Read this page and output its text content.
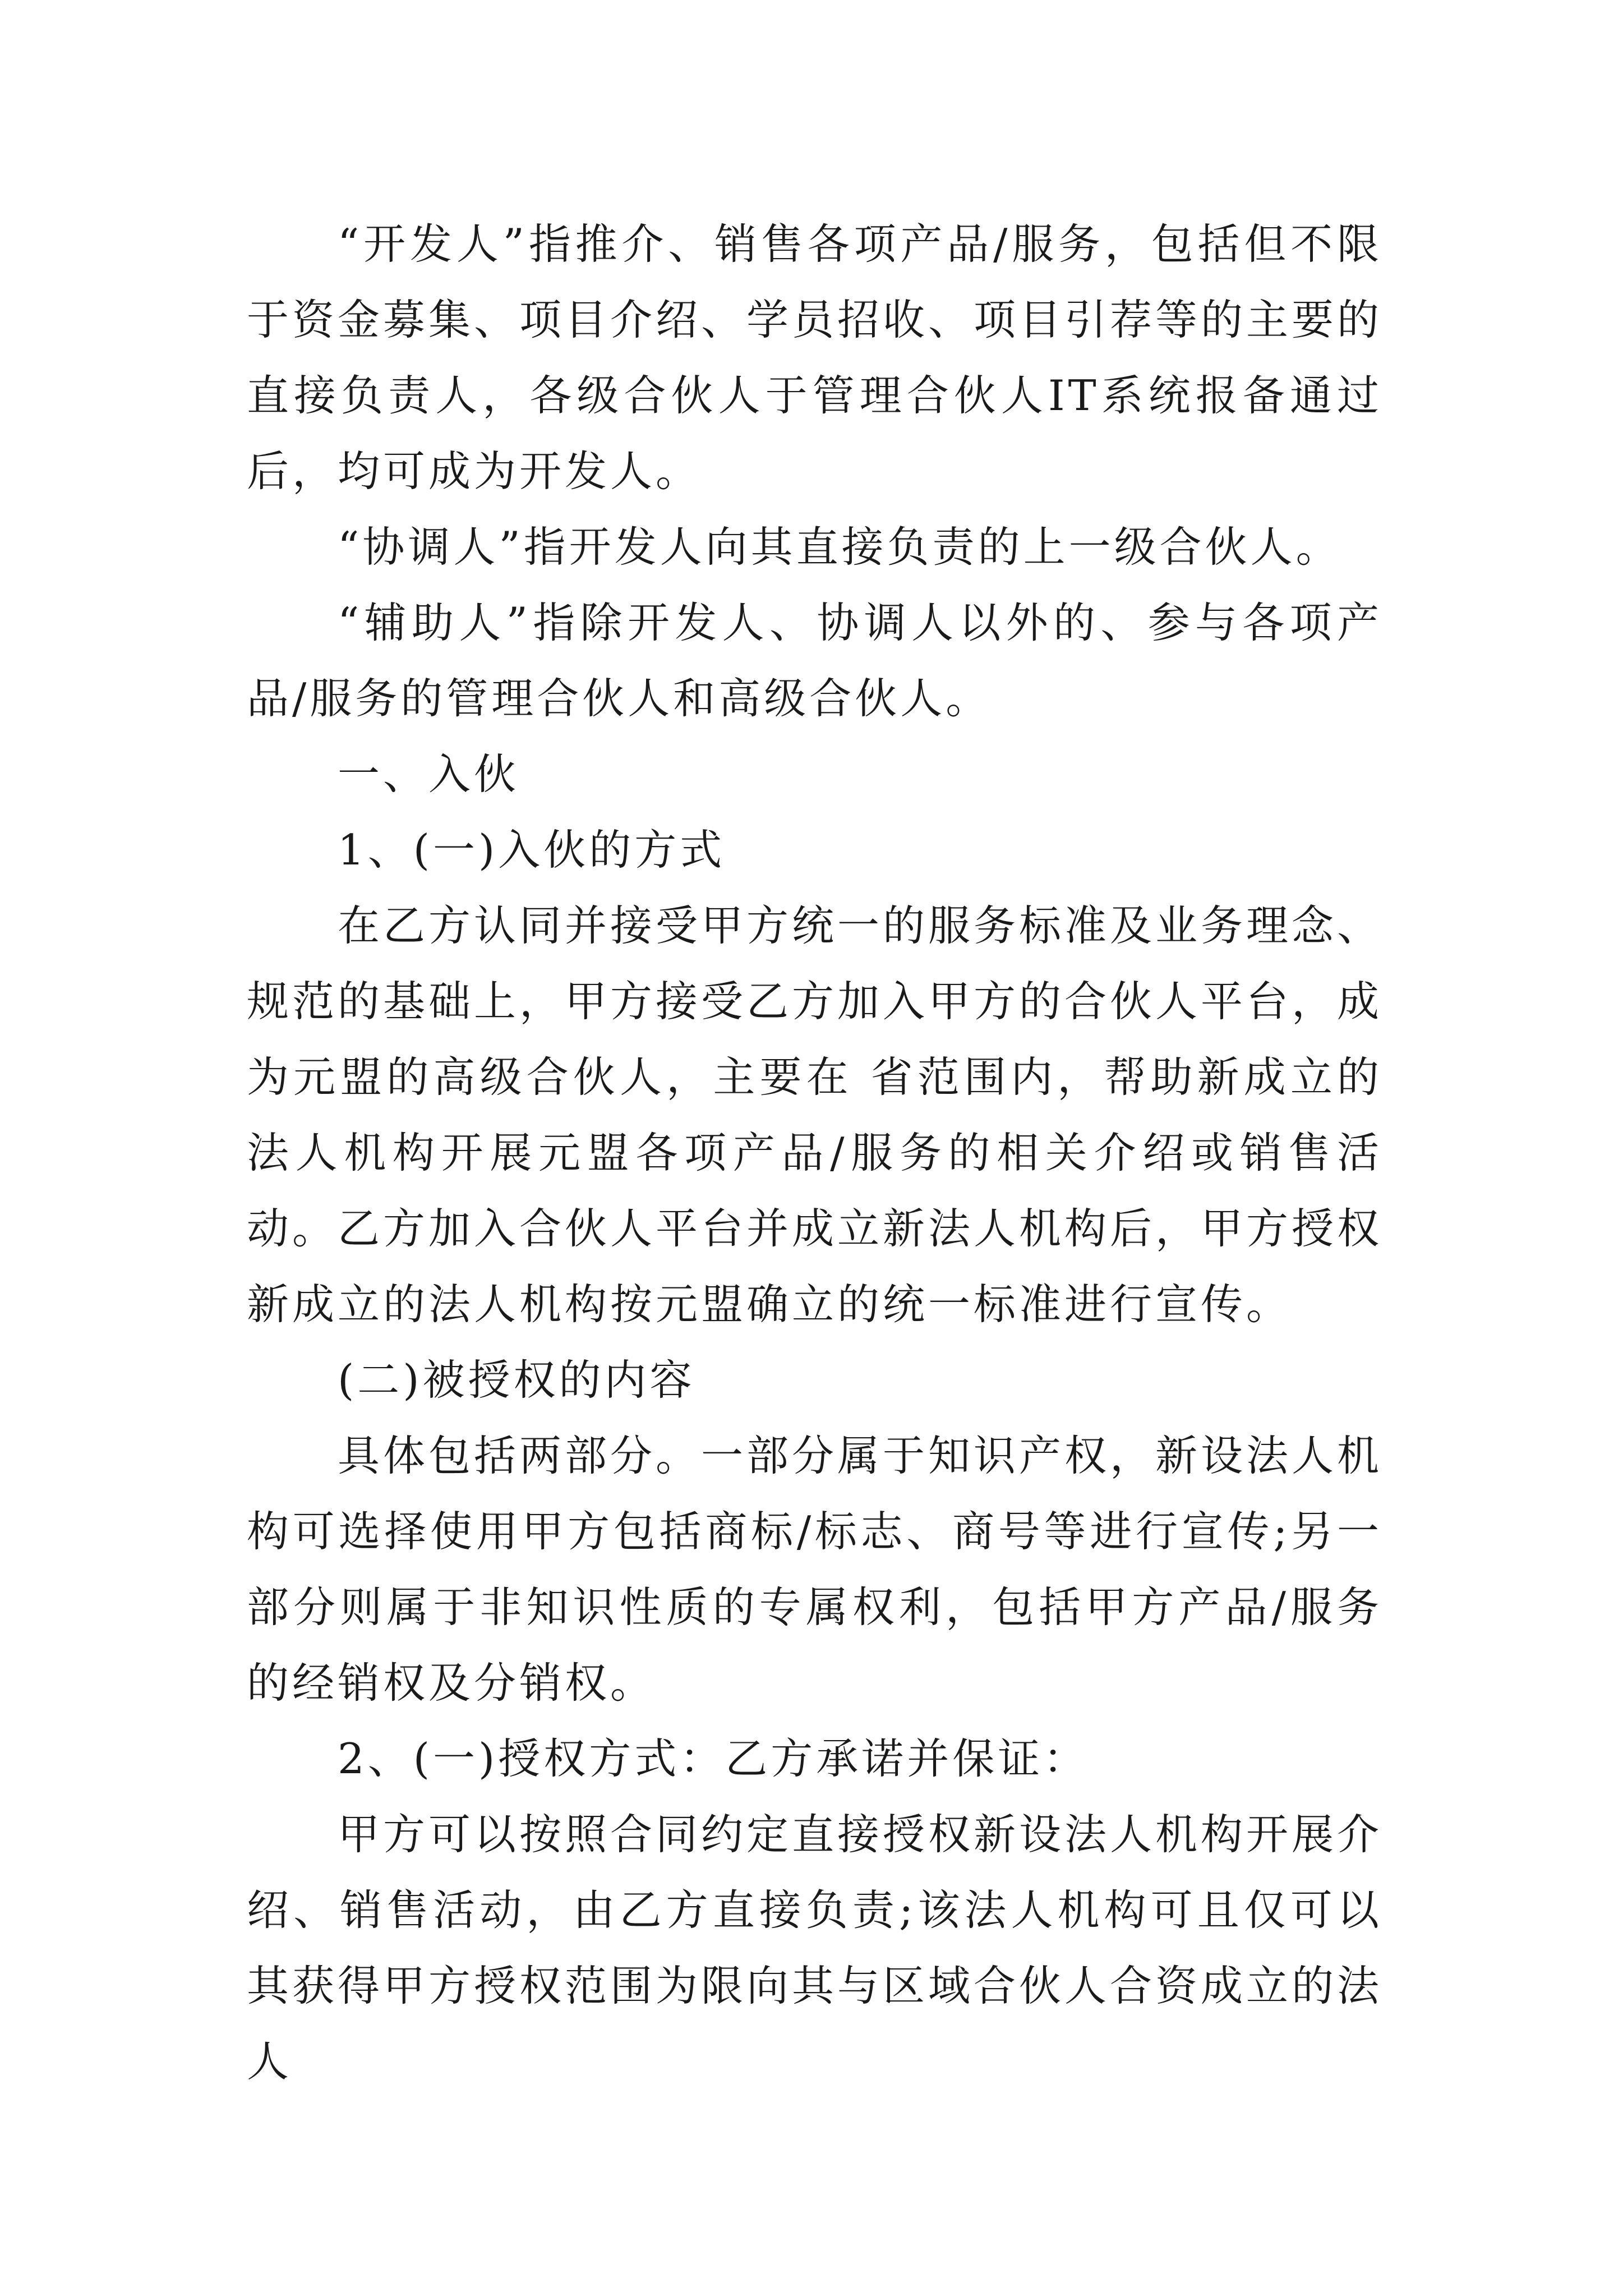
“开发人”指推介、销售各项产品/服务，包括但不限于资金募集、项目介绍、学员招收、项目引荐等的主要的直接负责人，各级合伙人于管理合伙人IT系统报备通过后，均可成为开发人。

“协调人”指开发人向其直接负责的上一级合伙人。

“辅助人”指除开发人、协调人以外的、参与各项产品/服务的管理合伙人和高级合伙人。

一、入伙

1、(一)入伙的方式

在乙方认同并接受甲方统一的服务标准及业务理念、规范的基础上，甲方接受乙方加入甲方的合伙人平台，成为元盟的高级合伙人，主要在 省范围内，帮助新成立的法人机构开展元盟各项产品/服务的相关介绍或销售活动。乙方加入合伙人平台并成立新法人机构后，甲方授权新成立的法人机构按元盟确立的统一标准进行宣传。

(二)被授权的内容

具体包括两部分。一部分属于知识产权，新设法人机构可选择使用甲方包括商标/标志、商号等进行宣传;另一部分则属于非知识性质的专属权利，包括甲方产品/服务的经销权及分销权。

2、(一)授权方式：乙方承诺并保证：

甲方可以按照合同约定直接授权新设法人机构开展介绍、销售活动，由乙方直接负责;该法人机构可且仅可以其获得甲方授权范围为限向其与区域合伙人合资成立的法人
